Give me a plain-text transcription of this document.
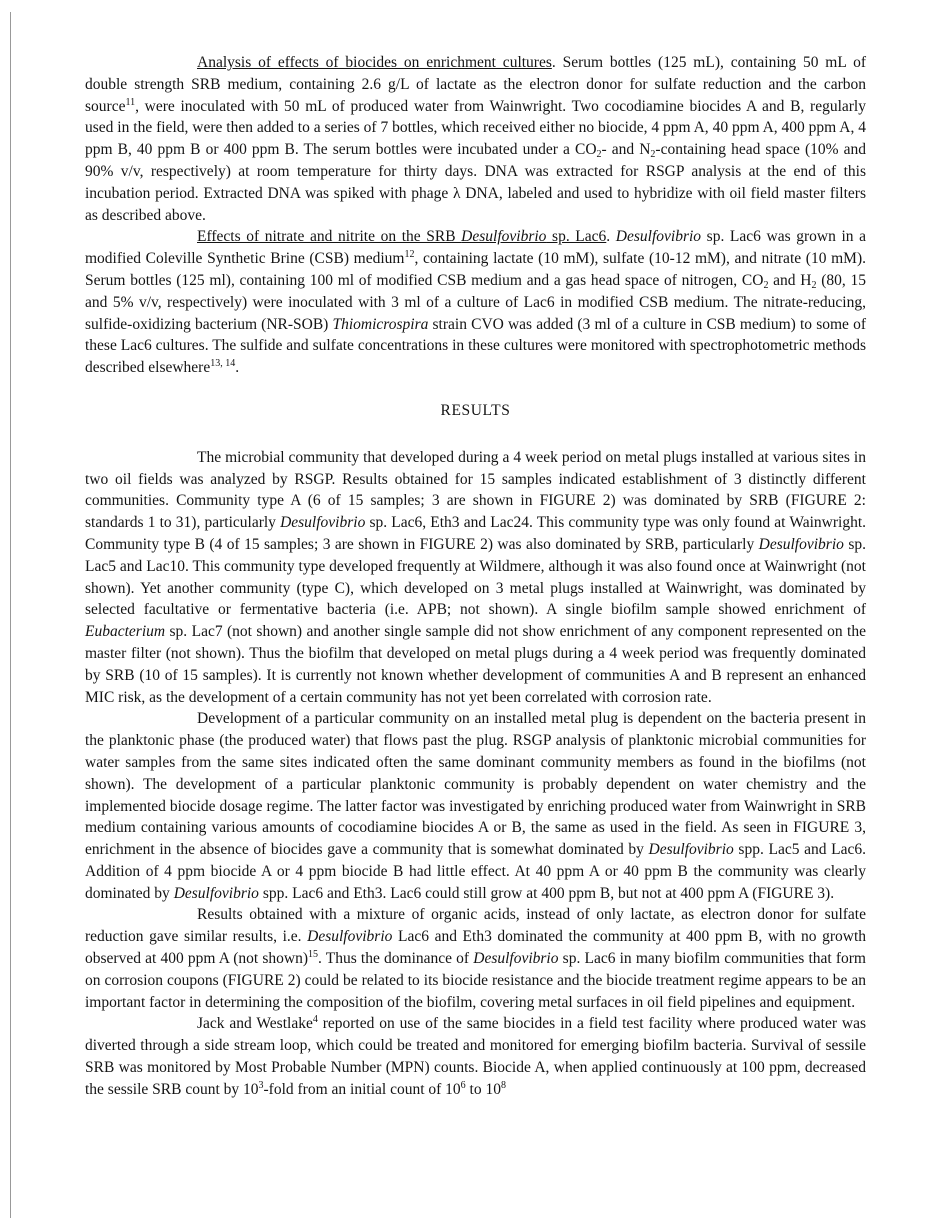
Analysis of effects of biocides on enrichment cultures. Serum bottles (125 mL), containing 50 mL of double strength SRB medium, containing 2.6 g/L of lactate as the electron donor for sulfate reduction and the carbon source$^{11}$, were inoculated with 50 mL of produced water from Wainwright. Two cocodiamine biocides A and B, regularly used in the field, were then added to a series of 7 bottles, which received either no biocide, 4 ppm A, 40 ppm A, 400 ppm A, 4 ppm B, 40 ppm B or 400 ppm B. The serum bottles were incubated under a $CO_2-$ and $N_2$-containing head space (10% and 90% v/v, respectively) at room temperature for thirty days. DNA was extracted for RSGP analysis at the end of this incubation period. Extracted DNA was spiked with phage λ DNA, labeled and used to hybridize with oil field master filters as described above.

Effects of nitrate and nitrite on the SRB Desulfovibrio sp. Lac6. Desulfovibrio sp. Lac6 was grown in a modified Coleville Synthetic Brine (CSB) medium$^{12}$, containing lactate (10 mM), sulfate (10-12 mM), and nitrate (10 mM). Serum bottles (125 ml), containing 100 ml of modified CSB medium and a gas head space of nitrogen, $CO_2$ and $H_2$ (80, 15 and 5% v/v, respectively) were inoculated with 3 ml of a culture of Lac6 in modified CSB medium. The nitrate-reducing, sulfide-oxidizing bacterium (NR-SOB) Thiomicrospira strain CVO was added (3 ml of a culture in CSB medium) to some of these Lac6 cultures. The sulfide and sulfate concentrations in these cultures were monitored with spectrophotometric methods described elsewhere$^{13, 14}$.

RESULTS

The microbial community that developed during a 4 week period on metal plugs installed at various sites in two oil fields was analyzed by RSGP. Results obtained for 15 samples indicated establishment of 3 distinctly different communities. Community type A (6 of 15 samples; 3 are shown in FIGURE 2) was dominated by SRB (FIGURE 2: standards 1 to 31), particularly Desulfovibrio sp. Lac6, Eth3 and Lac24. This community type was only found at Wainwright. Community type B (4 of 15 samples; 3 are shown in FIGURE 2) was also dominated by SRB, particularly Desulfovibrio sp. Lac5 and Lac10. This community type developed frequently at Wildmere, although it was also found once at Wainwright (not shown). Yet another community (type C), which developed on 3 metal plugs installed at Wainwright, was dominated by selected facultative or fermentative bacteria (i.e. APB; not shown). A single biofilm sample showed enrichment of Eubacterium sp. Lac7 (not shown) and another single sample did not show enrichment of any component represented on the master filter (not shown). Thus the biofilm that developed on metal plugs during a 4 week period was frequently dominated by SRB (10 of 15 samples). It is currently not known whether development of communities A and B represent an enhanced MIC risk, as the development of a certain community has not yet been correlated with corrosion rate.

Development of a particular community on an installed metal plug is dependent on the bacteria present in the planktonic phase (the produced water) that flows past the plug. RSGP analysis of planktonic microbial communities for water samples from the same sites indicated often the same dominant community members as found in the biofilms (not shown). The development of a particular planktonic community is probably dependent on water chemistry and the implemented biocide dosage regime. The latter factor was investigated by enriching produced water from Wainwright in SRB medium containing various amounts of cocodiamine biocides A or B, the same as used in the field. As seen in FIGURE 3, enrichment in the absence of biocides gave a community that is somewhat dominated by Desulfovibrio spp. Lac5 and Lac6. Addition of 4 ppm biocide A or 4 ppm biocide B had little effect. At 40 ppm A or 40 ppm B the community was clearly dominated by Desulfovibrio spp. Lac6 and Eth3. Lac6 could still grow at 400 ppm B, but not at 400 ppm A (FIGURE 3).

Results obtained with a mixture of organic acids, instead of only lactate, as electron donor for sulfate reduction gave similar results, i.e. Desulfovibrio Lac6 and Eth3 dominated the community at 400 ppm B, with no growth observed at 400 ppm A (not shown)$^{15}$. Thus the dominance of Desulfovibrio sp. Lac6 in many biofilm communities that form on corrosion coupons (FIGURE 2) could be related to its biocide resistance and the biocide treatment regime appears to be an important factor in determining the composition of the biofilm, covering metal surfaces in oil field pipelines and equipment.

Jack and Westlake$^4$ reported on use of the same biocides in a field test facility where produced water was diverted through a side stream loop, which could be treated and monitored for emerging biofilm bacteria. Survival of sessile SRB was monitored by Most Probable Number (MPN) counts. Biocide A, when applied continuously at 100 ppm, decreased the sessile SRB count by $10^3$-fold from an initial count of $10^6$ to $10^8$
